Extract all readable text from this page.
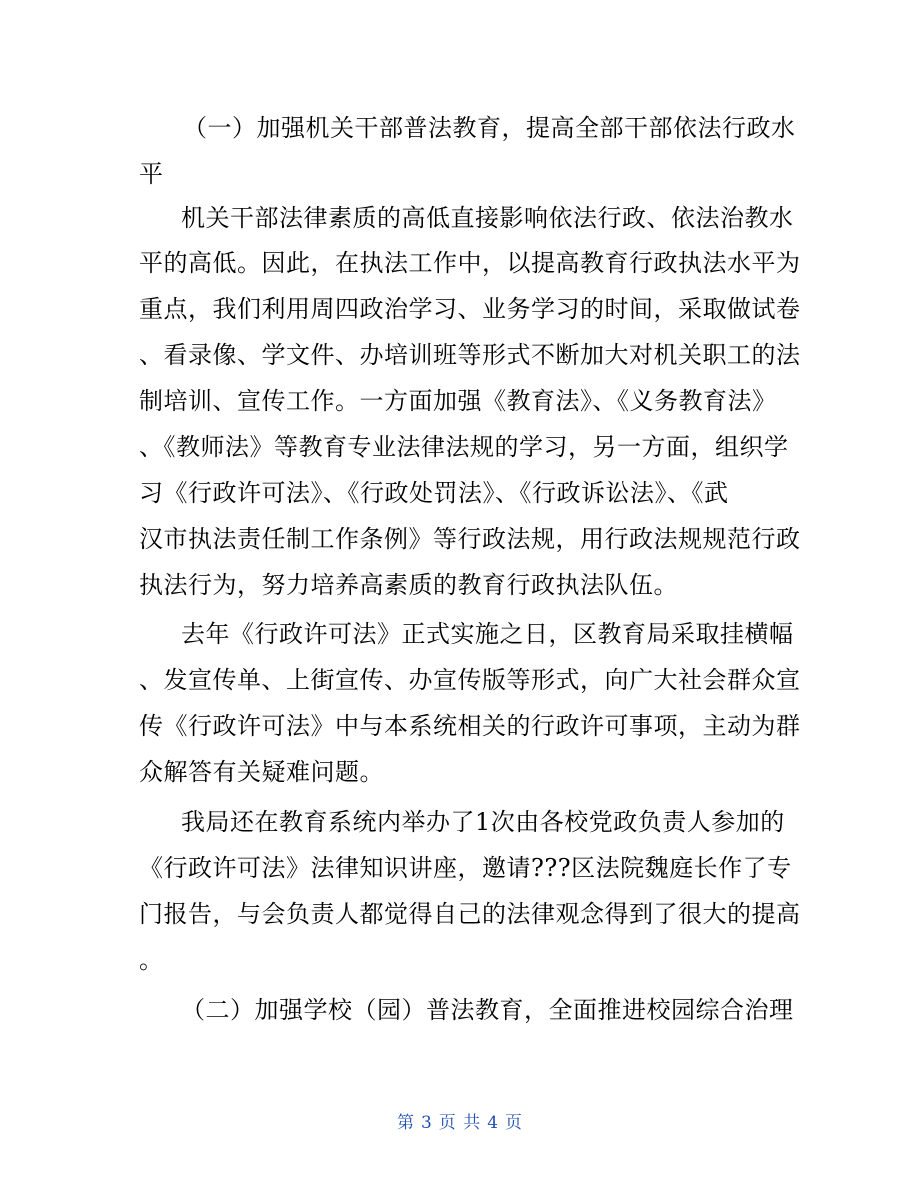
（一）加强机关干部普法教育，提高全部干部依法行政水

平

机关干部法律素质的高低直接影响依法行政、依法治教水

平的高低。因此，在执法工作中，以提高教育行政执法水平为

重点，我们利用周四政治学习、业务学习的时间，采取做试卷

、看录像、学文件、办培训班等形式不断加大对机关职工的法

制培训、宣传工作。一方面加强《教育法》、《义务教育法》

、《教师法》等教育专业法律法规的学习，另一方面，组织学

习《行政许可法》、《行政处罚法》、《行政诉讼法》、《武

汉市执法责任制工作条例》等行政法规，用行政法规规范行政

执法行为，努力培养高素质的教育行政执法队伍。

去年《行政许可法》正式实施之日，区教育局采取挂横幅

、发宣传单、上街宣传、办宣传版等形式，向广大社会群众宣

传《行政许可法》中与本系统相关的行政许可事项，主动为群

众解答有关疑难问题。

我局还在教育系统内举办了1次由各校党政负责人参加的

《行政许可法》法律知识讲座，邀请???区法院魏庭长作了专

门报告，与会负责人都觉得自己的法律观念得到了很大的提高

。

（二）加强学校（园）普法教育，全面推进校园综合治理

第 3 页 共 4 页
